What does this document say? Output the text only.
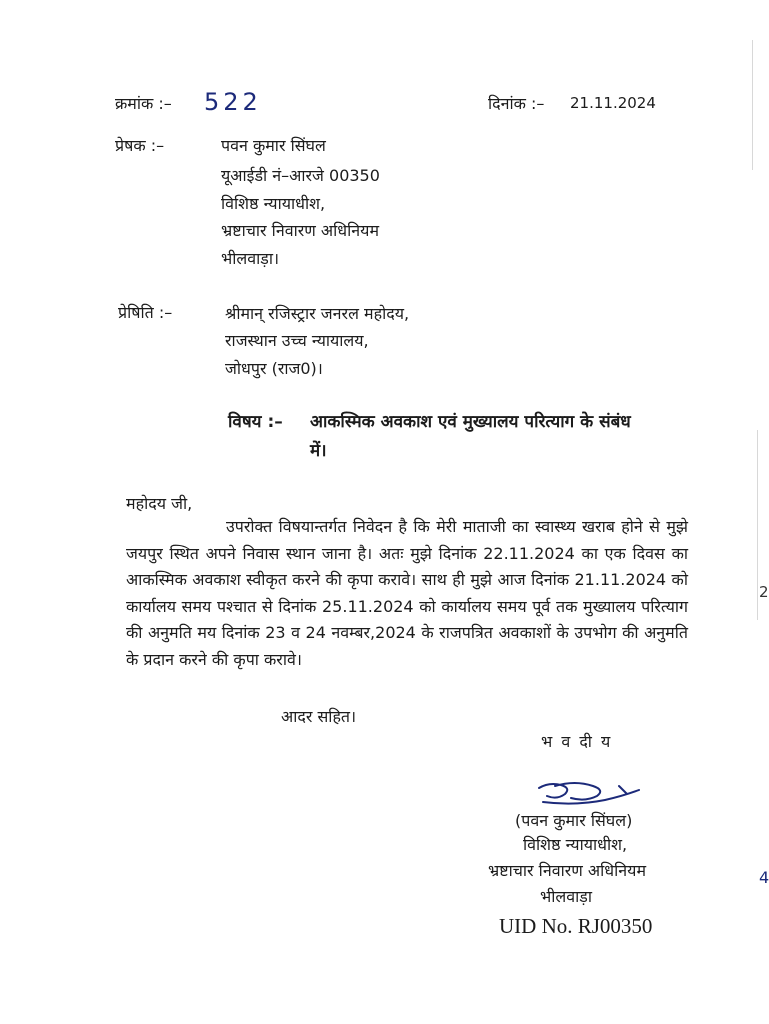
क्रमांक :– 522	दिनांक :– 21.11.2024
प्रेषक :–	पवन कुमार सिंघल
यूआईडी नं–आरजे 00350
विशिष्ठ न्यायाधीश,
भ्रष्टाचार निवारण अधिनियम
भीलवाड़ा।
प्रेषिति :–	श्रीमान् रजिस्ट्रार जनरल महोदय,
राजस्थान उच्च न्यायालय,
जोधपुर (राज0)।
विषय :– आकस्मिक अवकाश एवं मुख्यालय परित्याग के संबंध
में।
महोदय जी,

उपरोक्त विषयान्तर्गत निवेदन है कि मेरी माताजी का स्वास्थ्य खराब होने से मुझे जयपुर स्थित अपने निवास स्थान जाना है। अतः मुझे दिनांक 22.11.2024 का एक दिवस का आकस्मिक अवकाश स्वीकृत करने की कृपा करावे। साथ ही मुझे आज दिनांक 21.11.2024 को कार्यालय समय पश्चात से दिनांक 25.11.2024 को कार्यालय समय पूर्व तक मुख्यालय परित्याग की अनुमति मय दिनांक 23 व 24 नवम्बर,2024 के राजपत्रित अवकाशों के उपभोग की अनुमति के प्रदान करने की कृपा करावे।

आदर सहित।
भ व दी य
(पवन कुमार सिंघल)
विशिष्ठ न्यायाधीश,
भ्रष्टाचार निवारण अधिनियम
भीलवाड़ा
UID No. RJ00350
2
4
